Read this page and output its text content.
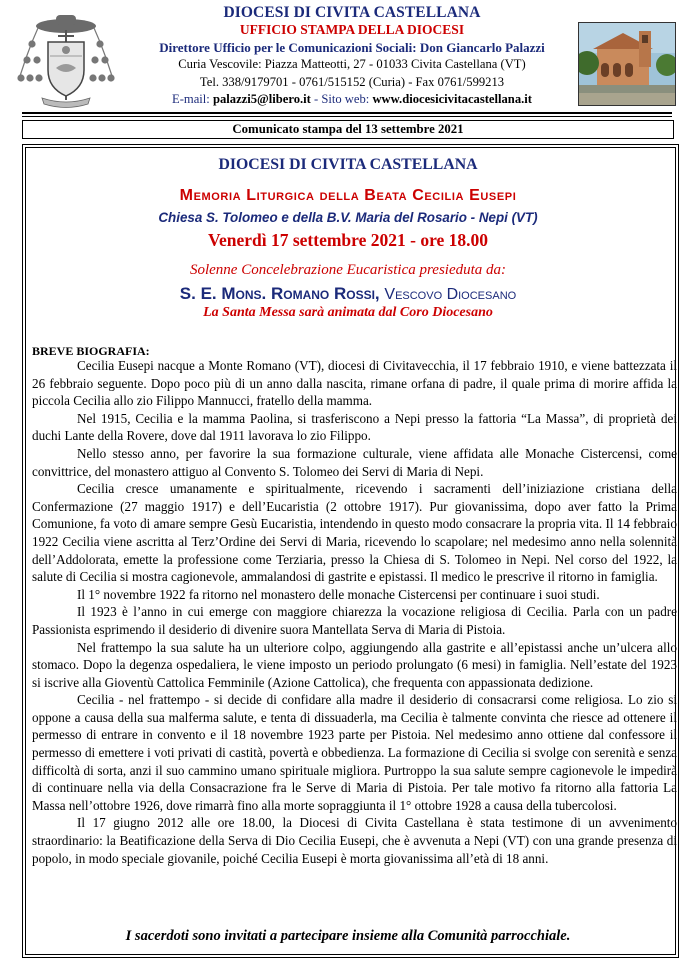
DIOCESI DI CIVITA CASTELLANA
UFFICIO STAMPA DELLA DIOCESI
Direttore Ufficio per le Comunicazioni Sociali: Don Giancarlo Palazzi
Curia Vescovile: Piazza Matteotti, 27 - 01033 Civita Castellana (VT)
Tel. 338/9179701 - 0761/515152 (Curia) - Fax 0761/599213
E-mail: palazzi5@libero.it - Sito web: www.diocesicivitacastellana.it
Comunicato stampa del 13 settembre 2021
DIOCESI DI CIVITA CASTELLANA
Memoria Liturgica della Beata Cecilia Eusepi
Chiesa S. Tolomeo e della B.V. Maria del Rosario - Nepi (VT)
Venerdì 17 settembre 2021 - ore 18.00
Solenne Concelebrazione Eucaristica presieduta da:
S. E. Mons. Romano Rossi, Vescovo Diocesano
La Santa Messa sarà animata dal Coro Diocesano
BREVE BIOGRAFIA:

Cecilia Eusepi nacque a Monte Romano (VT), diocesi di Civitavecchia, il 17 febbraio 1910, e viene battezzata il 26 febbraio seguente. Dopo poco più di un anno dalla nascita, rimane orfana di padre, il quale prima di morire affida la piccola Cecilia allo zio Filippo Mannucci, fratello della mamma.

Nel 1915, Cecilia e la mamma Paolina, si trasferiscono a Nepi presso la fattoria “La Massa”, di proprietà dei duchi Lante della Rovere, dove dal 1911 lavorava lo zio Filippo.

Nello stesso anno, per favorire la sua formazione culturale, viene affidata alle Monache Cistercensi, come convittrice, del monastero attiguo al Convento S. Tolomeo dei Servi di Maria di Nepi.

Cecilia cresce umanamente e spiritualmente, ricevendo i sacramenti dell’iniziazione cristiana della Confermazione (27 maggio 1917) e dell’Eucaristia (2 ottobre 1917). Pur giovanissima, dopo aver fatto la Prima Comunione, fa voto di amare sempre Gesù Eucaristia, intendendo in questo modo consacrare la propria vita. Il 14 febbraio 1922 Cecilia viene ascritta al Terz’Ordine dei Servi di Maria, ricevendo lo scapolare; nel medesimo anno nella solennità dell’Addolorata, emette la professione come Terziaria, presso la Chiesa di S. Tolomeo in Nepi. Nel corso del 1922, la salute di Cecilia si mostra cagionevole, ammalandosi di gastrite e epistassi. Il medico le prescrive il ritorno in famiglia.

Il 1° novembre 1922 fa ritorno nel monastero delle monache Cistercensi per continuare i suoi studi.

Il 1923 è l’anno in cui emerge con maggiore chiarezza la vocazione religiosa di Cecilia. Parla con un padre Passionista esprimendo il desiderio di divenire suora Mantellata Serva di Maria di Pistoia.

Nel frattempo la sua salute ha un ulteriore colpo, aggiungendo alla gastrite e all’epistassi anche un’ulcera allo stomaco. Dopo la degenza ospedaliera, le viene imposto un periodo prolungato (6 mesi) in famiglia. Nell’estate del 1923 si iscrive alla Gioventù Cattolica Femminile (Azione Cattolica), che frequenta con appassionata dedizione.

Cecilia - nel frattempo - si decide di confidare alla madre il desiderio di consacrarsi come religiosa. Lo zio si oppone a causa della sua malferma salute, e tenta di dissuaderla, ma Cecilia è talmente convinta che riesce ad ottenere il permesso di entrare in convento e il 18 novembre 1923 parte per Pistoia. Nel medesimo anno ottiene dal confessore il permesso di emettere i voti privati di castità, povertà e obbedienza. La formazione di Cecilia si svolge con serenità e senza difficoltà di sorta, anzi il suo cammino umano spirituale migliora. Purtroppo la sua salute sempre cagionevole le impedirà di continuare nella via della Consacrazione fra le Serve di Maria di Pistoia. Per tale motivo fa ritorno alla fattoria La Massa nell’ottobre 1926, dove rimarrà fino alla morte sopraggiunta il 1° ottobre 1928 a causa della tubercolosi.

Il 17 giugno 2012 alle ore 18.00, la Diocesi di Civita Castellana è stata testimone di un avvenimento straordinario: la Beatificazione della Serva di Dio Cecilia Eusepi, che è avvenuta a Nepi (VT) con una grande presenza di popolo, in modo speciale giovanile, poiché Cecilia Eusepi è morta giovanissima all’età di 18 anni.

I sacerdoti sono invitati a partecipare insieme alla Comunità parrocchiale.
